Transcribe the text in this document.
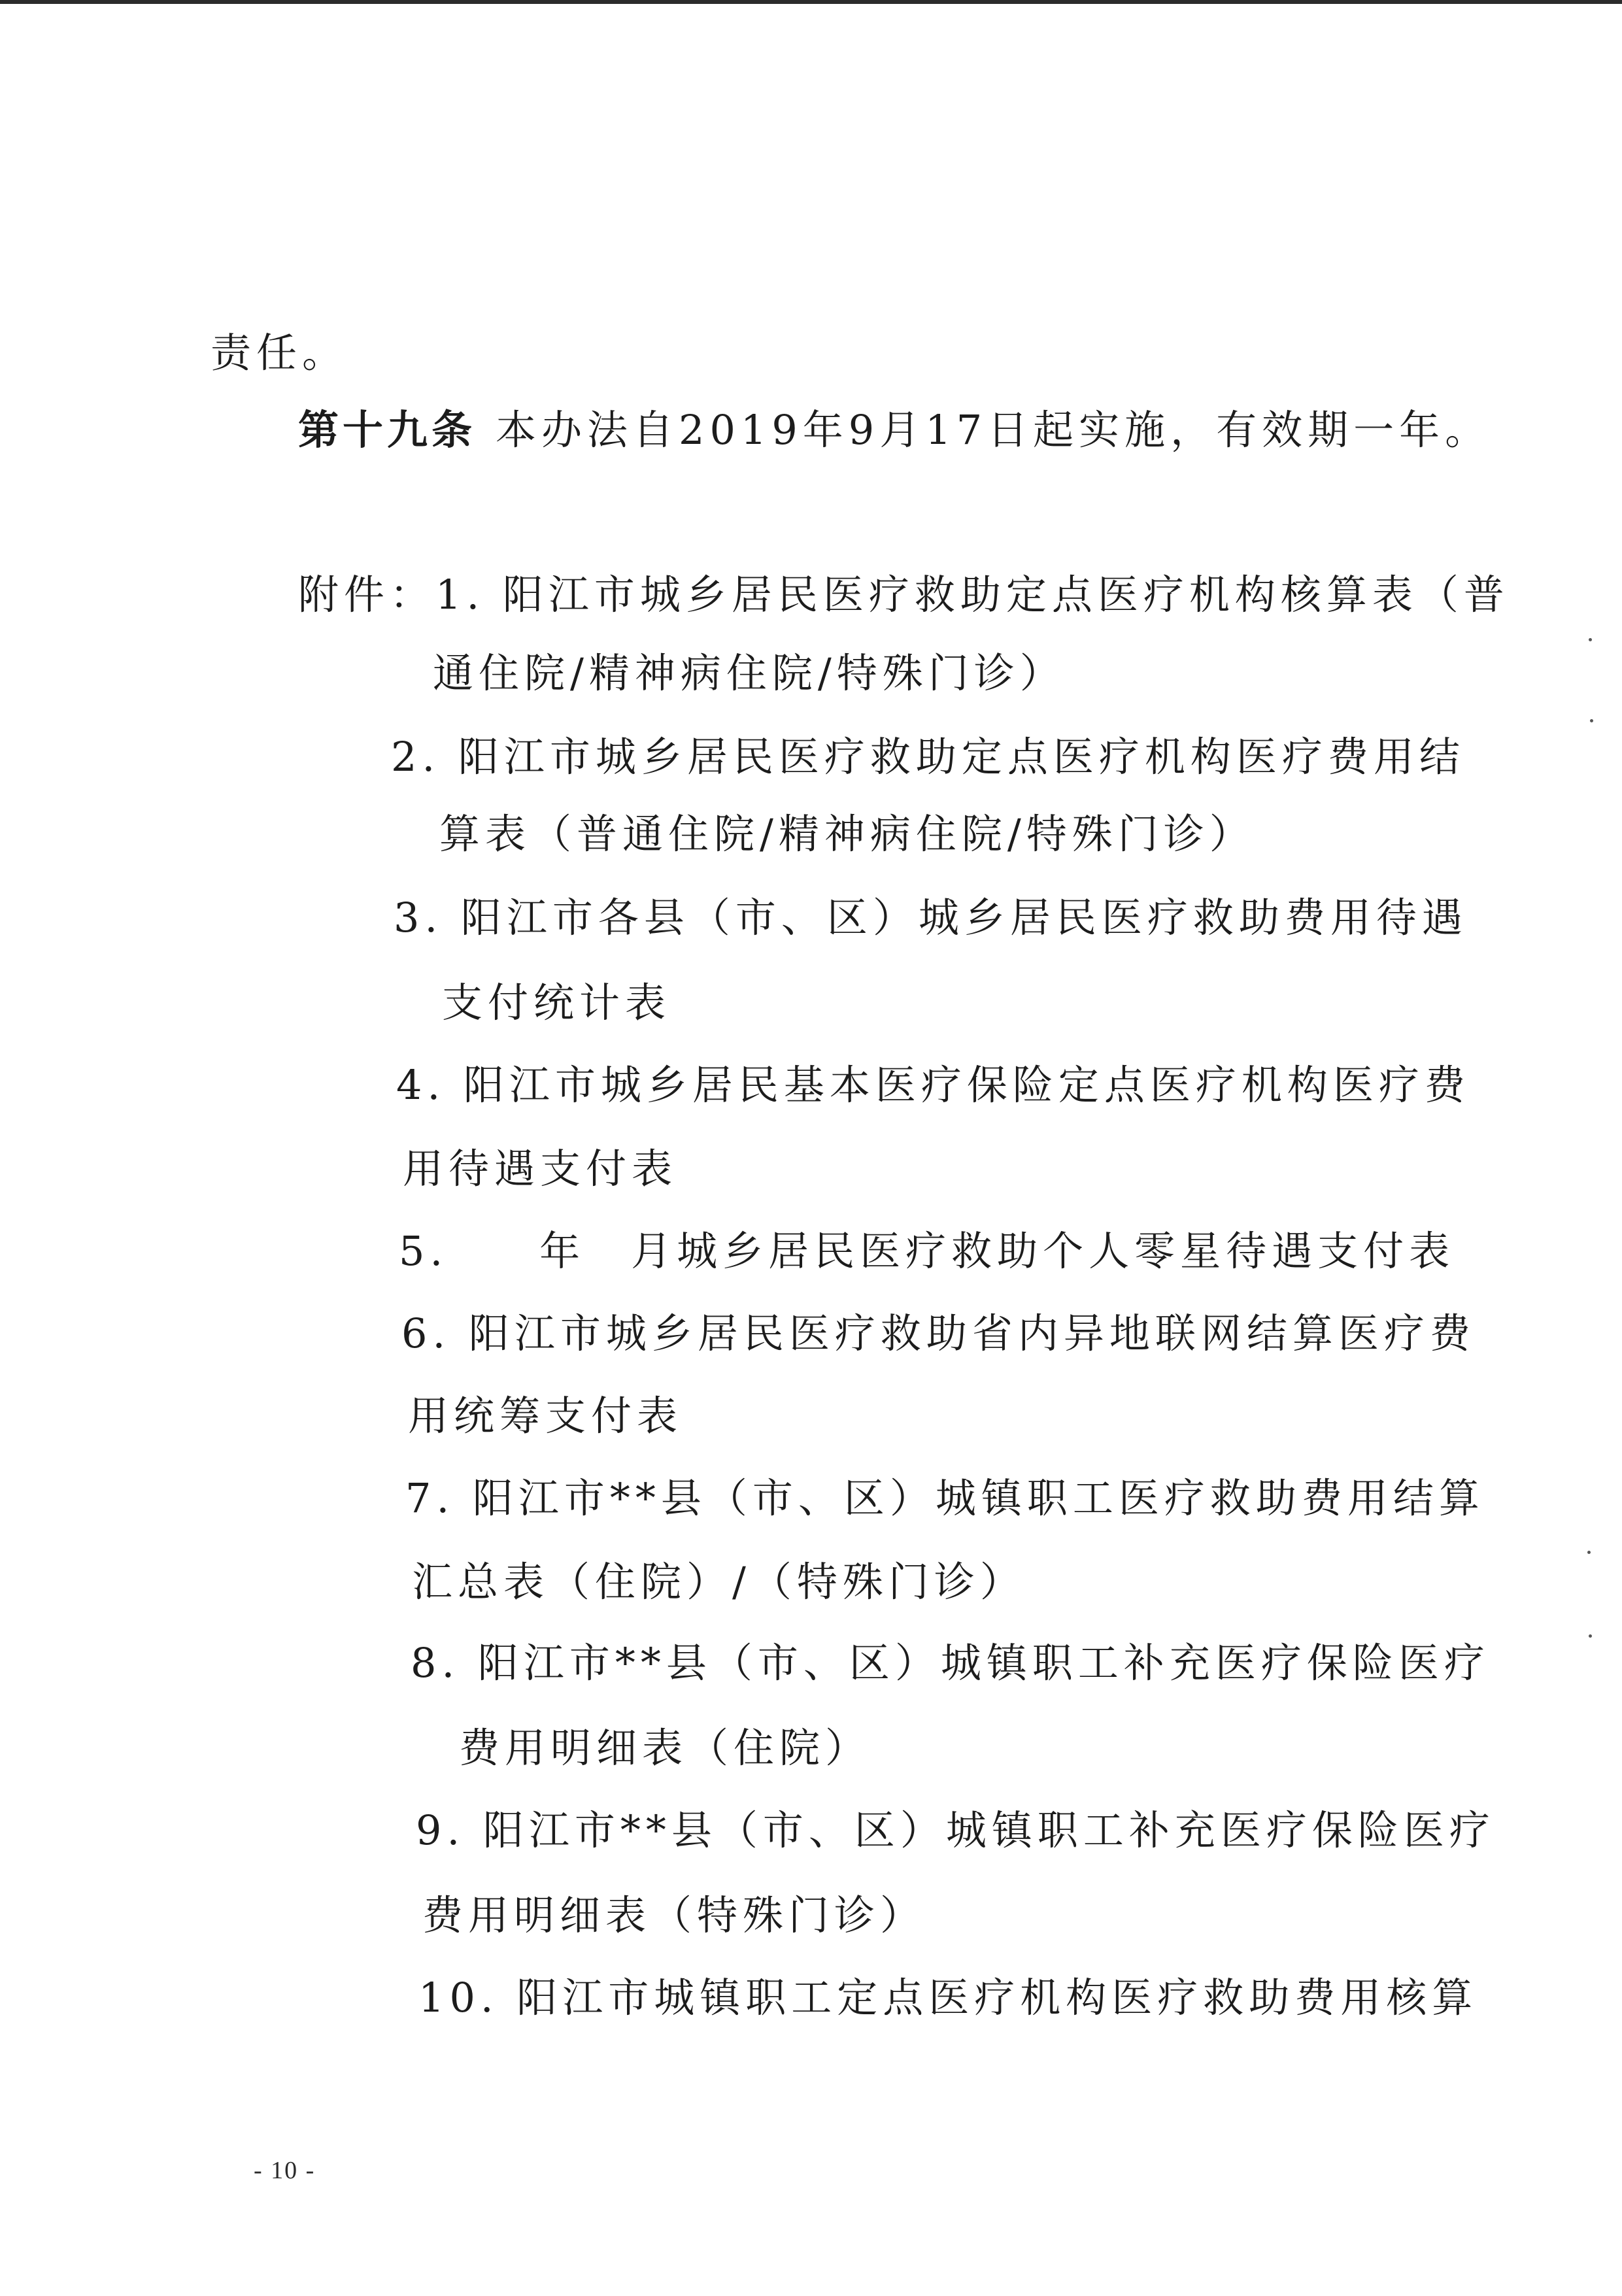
责任。
第十九条 本办法自2019年9月17日起实施，有效期一年。
附件：1. 阳江市城乡居民医疗救助定点医疗机构核算表（普
通住院/精神病住院/特殊门诊）
2. 阳江市城乡居民医疗救助定点医疗机构医疗费用结
算表（普通住院/精神病住院/特殊门诊）
3. 阳江市各县（市、区）城乡居民医疗救助费用待遇
支付统计表
4. 阳江市城乡居民基本医疗保险定点医疗机构医疗费
用待遇支付表
5.　　年　月城乡居民医疗救助个人零星待遇支付表
6. 阳江市城乡居民医疗救助省内异地联网结算医疗费
用统筹支付表
7. 阳江市**县（市、区）城镇职工医疗救助费用结算
汇总表（住院）/（特殊门诊）
8. 阳江市**县（市、区）城镇职工补充医疗保险医疗
费用明细表（住院）
9. 阳江市**县（市、区）城镇职工补充医疗保险医疗
费用明细表（特殊门诊）
10. 阳江市城镇职工定点医疗机构医疗救助费用核算
- 10 -
